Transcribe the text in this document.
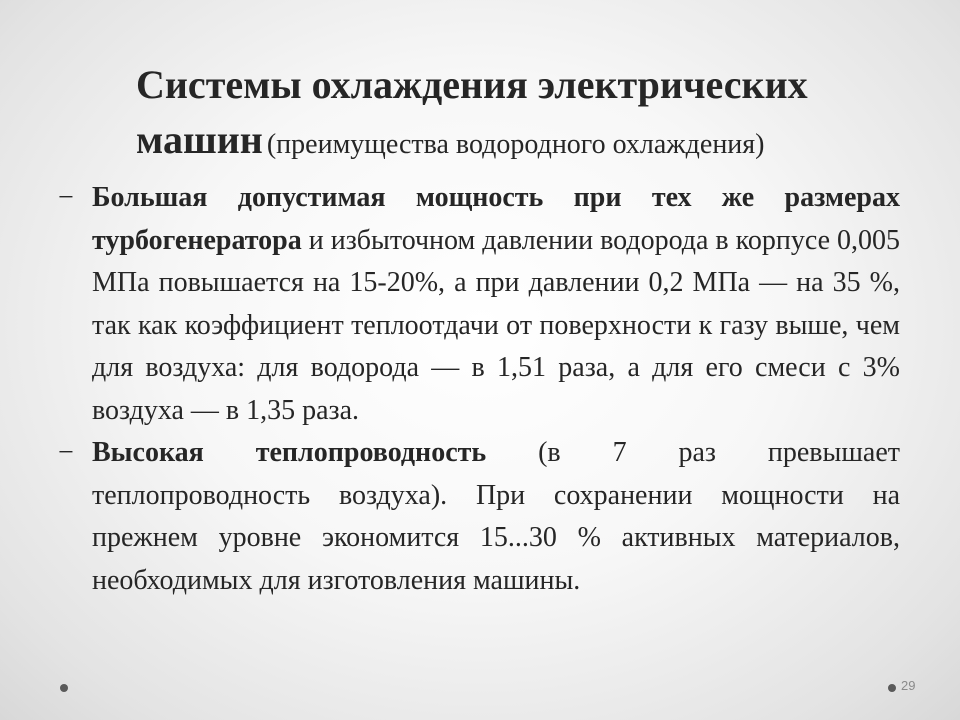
Системы охлаждения электрических машин (преимущества водородного охлаждения)
− Большая допустимая мощность при тех же размерах турбогенератора и избыточном давлении водорода в корпусе 0,005 МПа повышается на 15-20%, а при давлении 0,2 МПа — на 35 %, так как коэффициент теплоотдачи от поверхности к газу выше, чем для воздуха: для водорода — в 1,51 раза, а для его смеси с 3% воздуха — в 1,35 раза.
− Высокая теплопроводность (в 7 раз превышает теплопроводность воздуха). При сохранении мощности на прежнем уровне экономится 15...30 % активных материалов, необходимых для изготовления машины.
29
